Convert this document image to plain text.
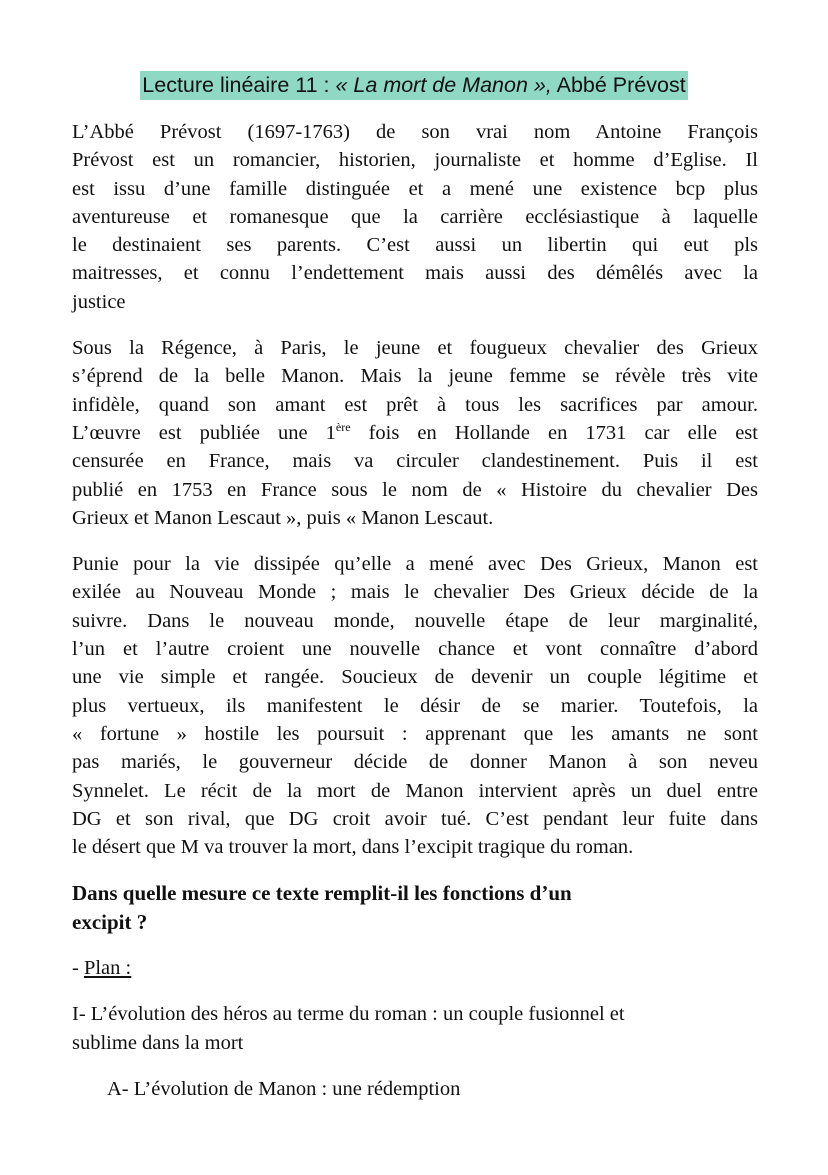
Lecture linéaire 11 : « La mort de Manon », Abbé Prévost
L’Abbé Prévost (1697-1763) de son vrai nom Antoine François
Prévost est un romancier, historien, journaliste et homme d’Eglise. Il
est issu d’une famille distinguée et a mené une existence bcp plus
aventureuse et romanesque que la carrière ecclésiastique à laquelle
le destinaient ses parents. C’est aussi un libertin qui eut pls
maitresses, et connu l’endettement mais aussi des démêlés avec la
justice
Sous la Régence, à Paris, le jeune et fougueux chevalier des Grieux
s’éprend de la belle Manon. Mais la jeune femme se révèle très vite
infidèle, quand son amant est prêt à tous les sacrifices par amour.
L’œuvre est publiée une 1ère fois en Hollande en 1731 car elle est
censurée en France, mais va circuler clandestinement. Puis il est
publié en 1753 en France sous le nom de « Histoire du chevalier Des
Grieux et Manon Lescaut », puis « Manon Lescaut.
Punie pour la vie dissipée qu’elle a mené avec Des Grieux, Manon est
exilée au Nouveau Monde ; mais le chevalier Des Grieux décide de la
suivre. Dans le nouveau monde, nouvelle étape de leur marginalité,
l’un et l’autre croient une nouvelle chance et vont connaître d’abord
une vie simple et rangée. Soucieux de devenir un couple légitime et
plus vertueux, ils manifestent le désir de se marier. Toutefois, la
« fortune » hostile les poursuit : apprenant que les amants ne sont
pas mariés, le gouverneur décide de donner Manon à son neveu
Synnelet. Le récit de la mort de Manon intervient après un duel entre
DG et son rival, que DG croit avoir tué. C’est pendant leur fuite dans
le désert que M va trouver la mort, dans l’excipit tragique du roman.
Dans quelle mesure ce texte remplit-il les fonctions d’un
excipit ?
- Plan :
I- L’évolution des héros au terme du roman : un couple fusionnel et
sublime dans la mort
A- L’évolution de Manon : une rédemption
